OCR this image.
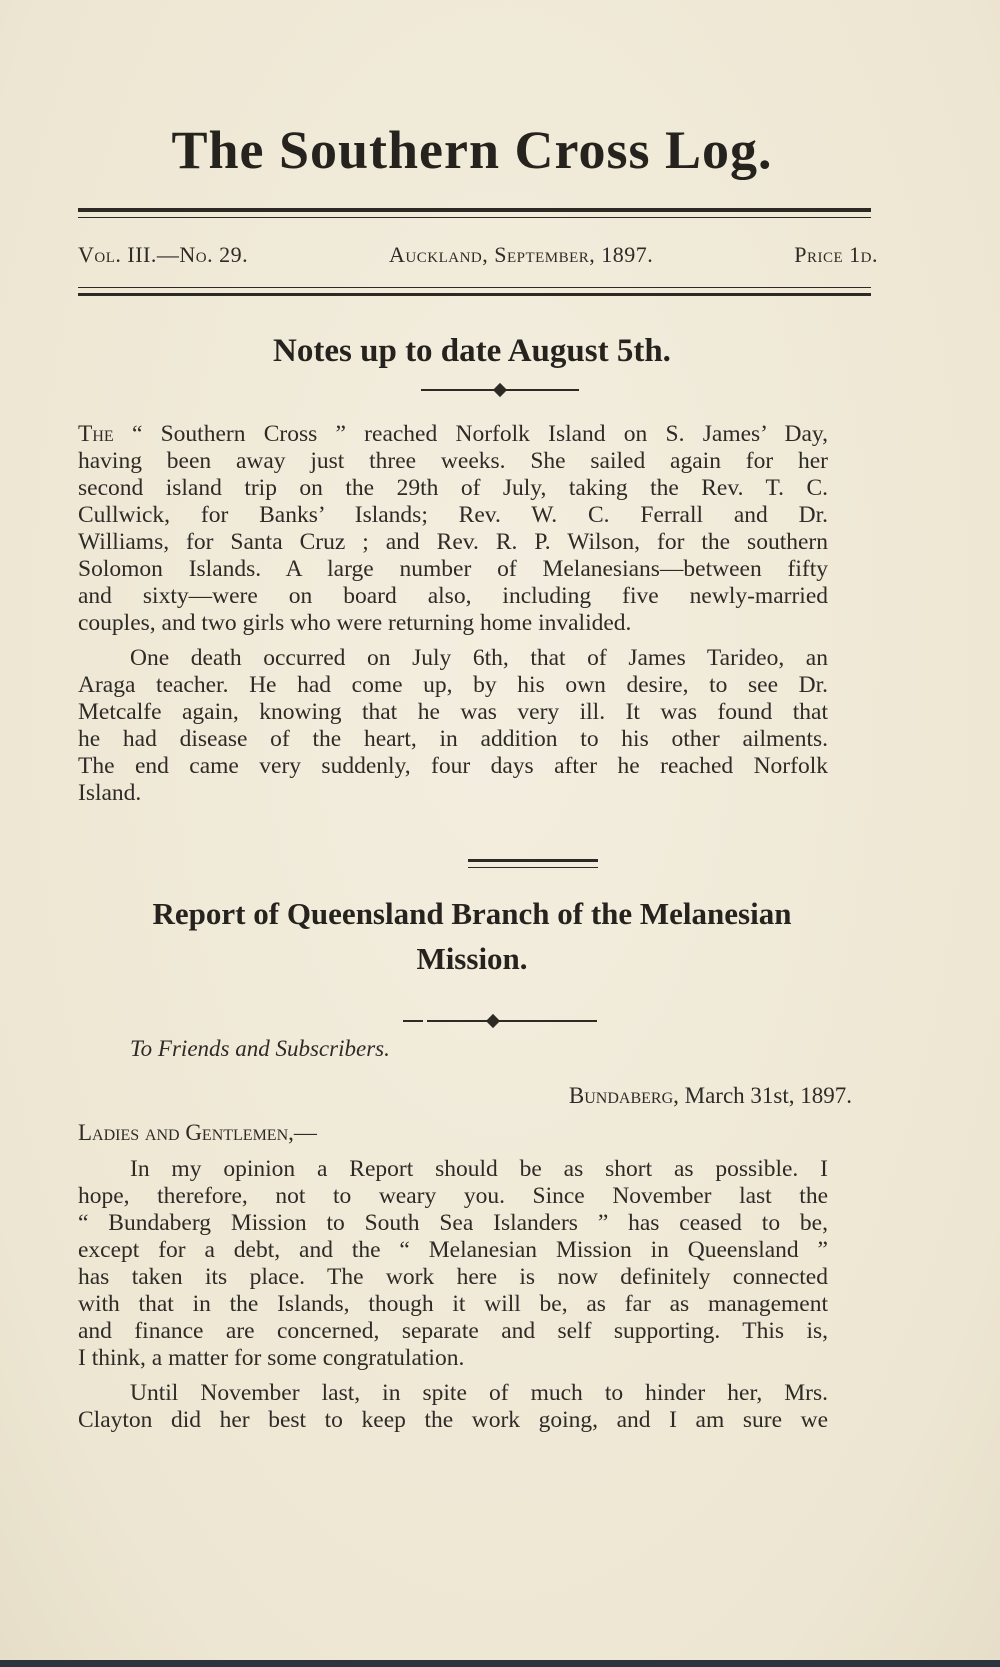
The Southern Cross Log.
Vol. III.—No. 29.	Auckland, September, 1897.	Price 1d.
Notes up to date August 5th.
The “ Southern Cross ” reached Norfolk Island on S. James’ Day,
having been away just three weeks. She sailed again for her
second island trip on the 29th of July, taking the Rev. T. C.
Cullwick, for Banks’ Islands; Rev. W. C. Ferrall and Dr.
Williams, for Santa Cruz ; and Rev. R. P. Wilson, for the southern
Solomon Islands. A large number of Melanesians—between fifty
and sixty—were on board also, including five newly-married
couples, and two girls who were returning home invalided.
One death occurred on July 6th, that of James Tarideo, an
Araga teacher. He had come up, by his own desire, to see Dr.
Metcalfe again, knowing that he was very ill. It was found that
he had disease of the heart, in addition to his other ailments.
The end came very suddenly, four days after he reached Norfolk
Island.
Report of Queensland Branch of the Melanesian
Mission.
To Friends and Subscribers.
Bundaberg, March 31st, 1897.
Ladies and Gentlemen,—
In my opinion a Report should be as short as possible. I
hope, therefore, not to weary you. Since November last the
“ Bundaberg Mission to South Sea Islanders ” has ceased to be,
except for a debt, and the “ Melanesian Mission in Queensland ”
has taken its place. The work here is now definitely connected
with that in the Islands, though it will be, as far as management
and finance are concerned, separate and self supporting. This is,
I think, a matter for some congratulation.
Until November last, in spite of much to hinder her, Mrs.
Clayton did her best to keep the work going, and I am sure we
